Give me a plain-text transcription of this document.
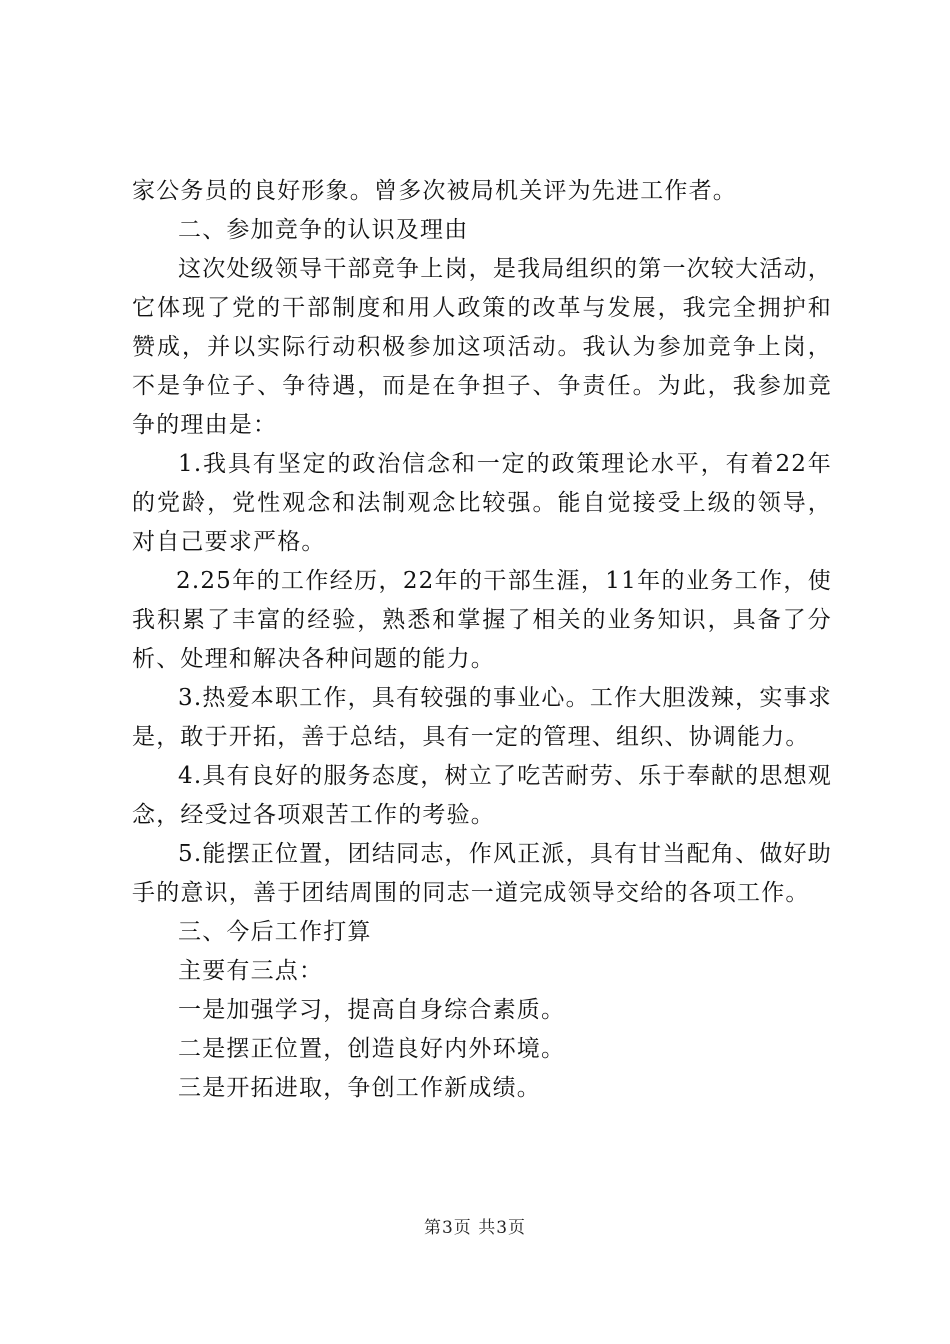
家公务员的良好形象。曾多次被局机关评为先进工作者。

二、参加竞争的认识及理由

这次处级领导干部竞争上岗，是我局组织的第一次较大活动，它体现了党的干部制度和用人政策的改革与发展，我完全拥护和赞成，并以实际行动积极参加这项活动。我认为参加竞争上岗，不是争位子、争待遇，而是在争担子、争责任。为此，我参加竞争的理由是：

1.我具有坚定的政治信念和一定的政策理论水平，有着22年的党龄，党性观念和法制观念比较强。能自觉接受上级的领导，对自己要求严格。

2.25年的工作经历，22年的干部生涯，11年的业务工作，使我积累了丰富的经验，熟悉和掌握了相关的业务知识，具备了分析、处理和解决各种问题的能力。

3.热爱本职工作，具有较强的事业心。工作大胆泼辣，实事求是，敢于开拓，善于总结，具有一定的管理、组织、协调能力。

4.具有良好的服务态度，树立了吃苦耐劳、乐于奉献的思想观念，经受过各项艰苦工作的考验。

5.能摆正位置，团结同志，作风正派，具有甘当配角、做好助手的意识，善于团结周围的同志一道完成领导交给的各项工作。

三、今后工作打算

主要有三点：

一是加强学习，提高自身综合素质。

二是摆正位置，创造良好内外环境。

三是开拓进取，争创工作新成绩。

第3页 共3页
